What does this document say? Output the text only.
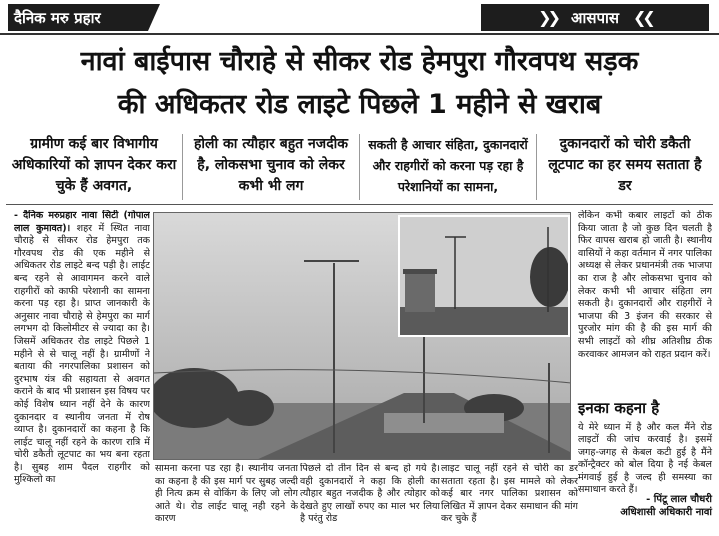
दैनिक मरु प्रहार	❯❯ आसपास ❮❮
नावां बाईपास चौराहे से सीकर रोड हेमपुरा गौरवपथ सड़क
की अधिकतर रोड लाइटे पिछले 1 महीने से खराब
ग्रामीण कई बार विभागीय अधिकारियों को ज्ञापन देकर करा चुके हैं अवगत,
होली का त्यौहार बहुत नजदीक है, लोकसभा चुनाव को लेकर कभी भी लग
सकती है आचार संहिता, दुकानदारों और राहगीरों को करना पड़ रहा है परेशानियों का सामना,
दुकानदारों को चोरी डकैती लूटपाट का हर समय सताता है डर
- दैनिक मरुप्रहार नावा सिटी (गोपाल लाल कुमावत)। शहर में स्थित नावा चौराहे से सीकर रोड हेमपुरा तक गौरवपथ रोड की एक महीने से अधिकतर रोड लाइटे बन्द पड़ी है। लाईट बन्द रहने से आवागमन करने वाले राहगीरों को काफी परेशानी का सामना करना पड़ रहा है। प्राप्त जानकारी के अनुसार नावा चौराहे से हेमपुरा का मार्ग लगभग दो किलोमीटर से ज्यादा का है। जिसमें अधिकतर रोड लाइटे पिछले 1 महीने से से चालू नहीं है। ग्रामीणों ने बताया की नगरपालिका प्रशासन को दुरभाष यंत्र की सहायता से अवगत कराने के बाद भी प्रशासन इस विषय पर कोई विशेष ध्यान नहीं देने के कारण दुकानदार व स्थानीय जनता में रोष व्याप्त है। दुकानदारों का कहना है कि लाईट चालू नहीं रहने के कारण रात्रि में चोरी डकैती लूटपाट का भय बना रहता है। सुबह शाम पैदल राहगीर को मुश्किलो का
सामना करना पड रहा है। स्थानीय जनता का कहना है की इस मार्ग पर सुबह जल्दी ही नित्य क्रम से वोकिंग के लिए जो लोग आते थे। रोड लाईट चालू नही रहने के कारण
पिछले दो तीन दिन से बन्द हो गये है। वही दुकानदारों ने कहा कि होली का त्यौहार बहुत नजदीक है और त्योहार को देखते हुए लाखों रुपए का माल भर लिया है परंतु रोड
लाइट चालू नहीं रहने से चोरी का डर सताता रहता है। इस मामले को लेकर कई बार नगर पालिका प्रशासन को लिखित में ज्ञापन देकर समाधान की मांग कर चुके हैं
लेकिन कभी कबार लाइटों को ठीक किया जाता है जो कुछ दिन चलती है फिर वापस खराब हो जाती है। स्थानीय वासियों ने कहा वर्तमान में नगर पालिका अध्यक्ष से लेकर प्रधानमंत्री तक भाजपा का राज है और लोकसभा चुनाव को लेकर कभी भी आचार संहिता लग सकती है। दुकानदारों और राहगीरों ने भाजपा की 3 इंजन की सरकार से पुरजोर मांग की है की इस मार्ग की सभी लाइटों को शीघ्र अतिशीघ्र ठीक करवाकर आमजन को राहत प्रदान करें।
इनका कहना है
ये मेरे ध्यान में है और कल मैंने रोड लाइटों की जांच करवाई है। इसमें जगह-जगह से केबल कटी हुई है मैंने कॉन्ट्रैक्टर को बोल दिया है नई केबल मंगवाई हुई है जल्द ही समस्या का समाधान करते हैं।
- पिंटू लाल चौधरी
अधिशासी अधिकारी नावां
